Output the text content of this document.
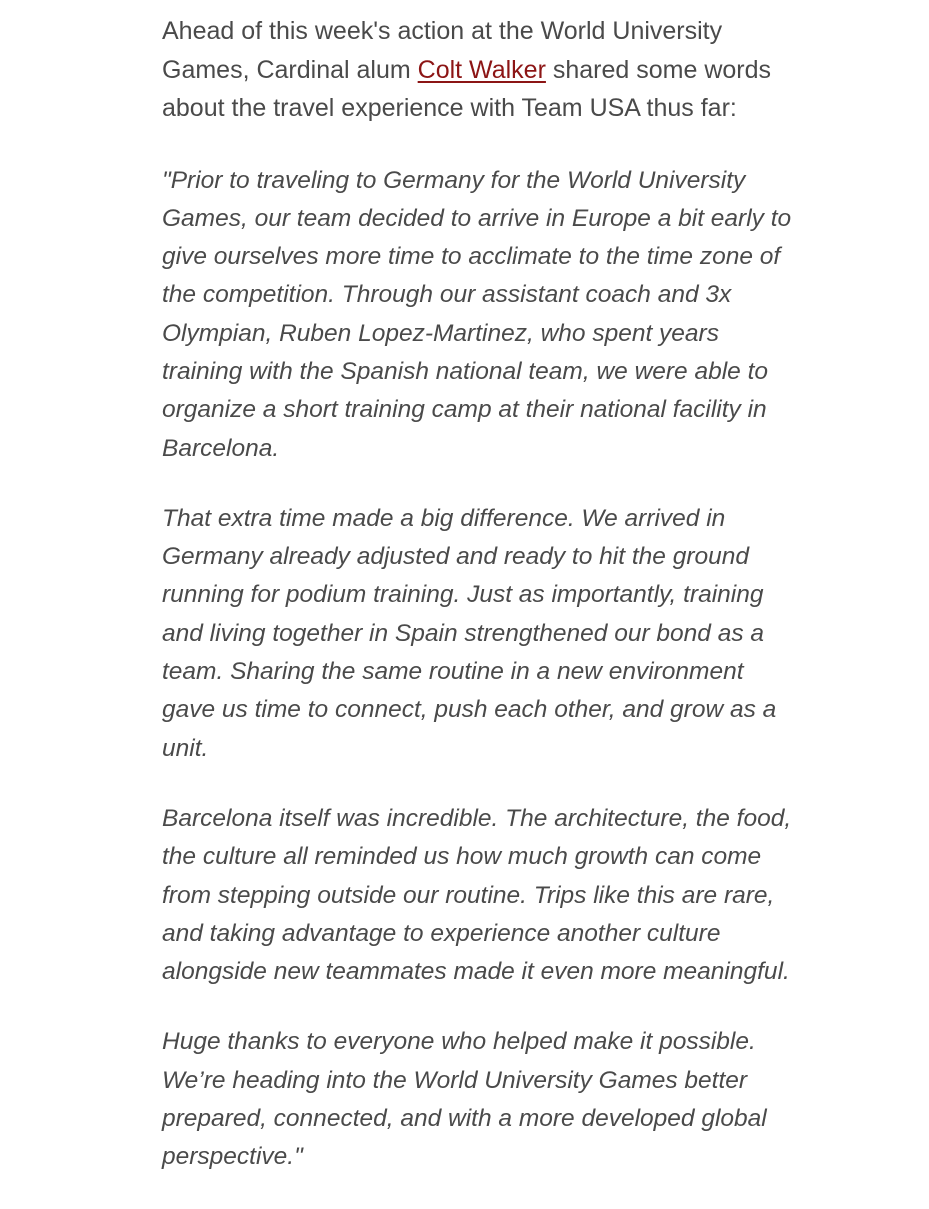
Ahead of this week's action at the World University Games, Cardinal alum Colt Walker shared some words about the travel experience with Team USA thus far:

"Prior to traveling to Germany for the World University Games, our team decided to arrive in Europe a bit early to give ourselves more time to acclimate to the time zone of the competition. Through our assistant coach and 3x Olympian, Ruben Lopez-Martinez, who spent years training with the Spanish national team, we were able to organize a short training camp at their national facility in Barcelona.

That extra time made a big difference. We arrived in Germany already adjusted and ready to hit the ground running for podium training. Just as importantly, training and living together in Spain strengthened our bond as a team. Sharing the same routine in a new environment gave us time to connect, push each other, and grow as a unit.

Barcelona itself was incredible. The architecture, the food, the culture all reminded us how much growth can come from stepping outside our routine. Trips like this are rare, and taking advantage to experience another culture alongside new teammates made it even more meaningful.

Huge thanks to everyone who helped make it possible. We’re heading into the World University Games better prepared, connected, and with a more developed global perspective."
